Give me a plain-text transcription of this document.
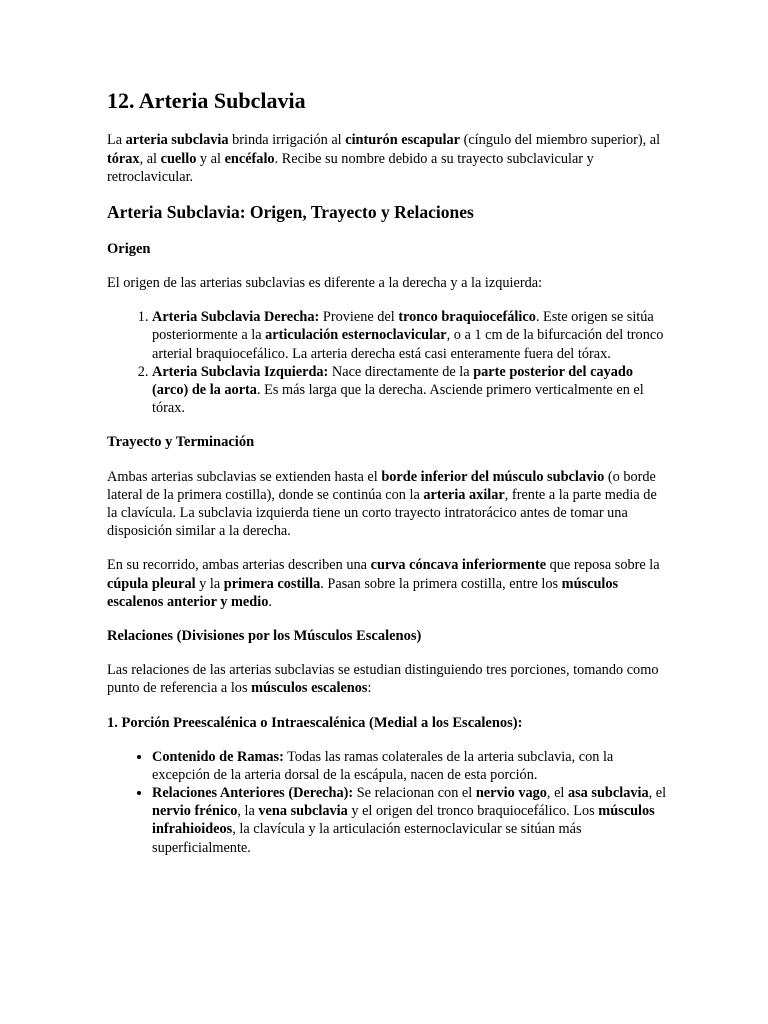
12. Arteria Subclavia

La arteria subclavia brinda irrigación al cinturón escapular (cíngulo del miembro superior), al tórax, al cuello y al encéfalo. Recibe su nombre debido a su trayecto subclavicular y retroclavicular.

Arteria Subclavia: Origen, Trayecto y Relaciones
Origen

El origen de las arterias subclavias es diferente a la derecha y a la izquierda:

1. Arteria Subclavia Derecha: Proviene del tronco braquiocefálico. Este origen se sitúa posteriormente a la articulación esternoclavicular, o a 1 cm de la bifurcación del tronco arterial braquiocefálico. La arteria derecha está casi enteramente fuera del tórax.
2. Arteria Subclavia Izquierda: Nace directamente de la parte posterior del cayado (arco) de la aorta. Es más larga que la derecha. Asciende primero verticalmente en el tórax.
Trayecto y Terminación

Ambas arterias subclavias se extienden hasta el borde inferior del músculo subclavio (o borde lateral de la primera costilla), donde se continúa con la arteria axilar, frente a la parte media de la clavícula. La subclavia izquierda tiene un corto trayecto intratorácico antes de tomar una disposición similar a la derecha.

En su recorrido, ambas arterias describen una curva cóncava inferiormente que reposa sobre la cúpula pleural y la primera costilla. Pasan sobre la primera costilla, entre los músculos escalenos anterior y medio.

Relaciones (Divisiones por los Músculos Escalenos)

Las relaciones de las arterias subclavias se estudian distinguiendo tres porciones, tomando como punto de referencia a los músculos escalenos:

1. Porción Preescalénica o Intraescalénica (Medial a los Escalenos):
• Contenido de Ramas: Todas las ramas colaterales de la arteria subclavia, con la excepción de la arteria dorsal de la escápula, nacen de esta porción.
• Relaciones Anteriores (Derecha): Se relacionan con el nervio vago, el asa subclavia, el nervio frénico, la vena subclavia y el origen del tronco braquiocefálico. Los músculos infrahioideos, la clavícula y la articulación esternoclavicular se sitúan más superficialmente.
